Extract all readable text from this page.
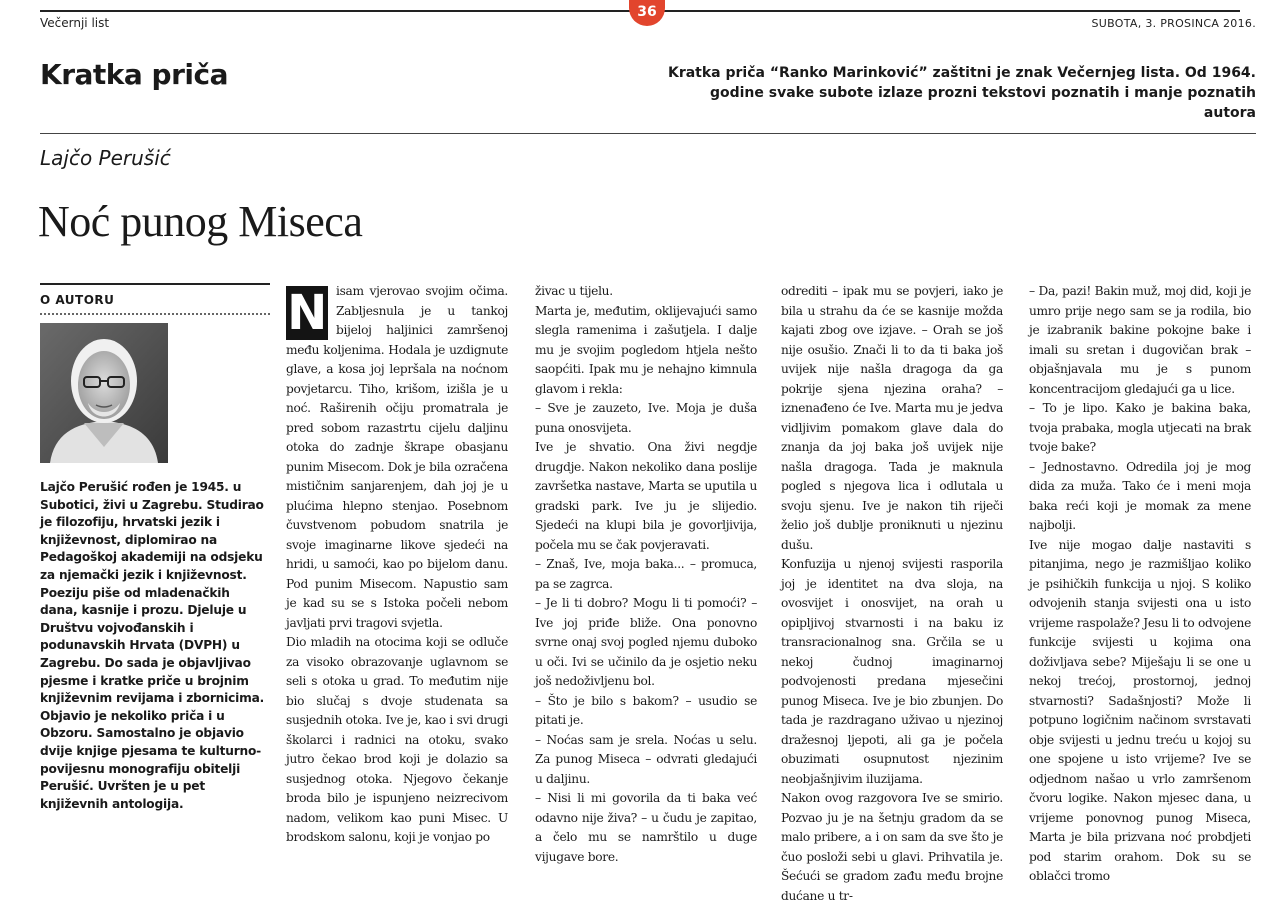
36
Večernji list	SUBOTA, 3. PROSINCA 2016.
Kratka priča	Kratka priča “Ranko Marinković” zaštitni je znak Večernjeg lista. Od 1964. godine svake subote izlaze prozni tekstovi poznatih i manje poznatih autora
Lajčo Perušić
Noć punog Miseca
O AUTORU
Lajčo Perušić rođen je 1945. u Subotici, živi u Zagrebu. Studirao je filozofiju, hrvatski jezik i književnost, diplomirao na Pedagoškoj akademiji na odsjeku za njemački jezik i književnost. Poeziju piše od mladenačkih dana, kasnije i prozu. Djeluje u Društvu vojvođanskih i podunavskih Hrvata (DVPH) u Zagrebu. Do sada je objavljivao pjesme i kratke priče u brojnim književnim revijama i zbornicima. Objavio je nekoliko priča i u Obzoru. Samostalno je objavio dvije knjige pjesama te kulturno-povijesnu monografiju obitelji Perušić. Uvršten je u pet književnih antologija.
N isam vjerovao svojim očima. Zabljesnula je u tankoj bijeloj haljinici zamršenoj među koljenima. Hodala je uzdignute glave, a kosa joj lepršala na noćnom povjetarcu. Tiho, krišom, izišla je u noć. Raširenih očiju promatrala je pred sobom razastrtu cijelu daljinu otoka do zadnje škrape obasjanu punim Misecom. Dok je bila ozračena mističnim sanjarenjem, dah joj je u plućima hlepno stenjao. Posebnom čuvstvenom pobudom snatrila je svoje imaginarne likove sjedeći na hridi, u samoći, kao po bijelom danu. Pod punim Misecom. Napustio sam je kad su se s Istoka počeli nebom javljati prvi tragovi svjetla.

Dio mladih na otocima koji se odluče za visoko obrazovanje uglavnom se seli s otoka u grad. To međutim nije bio slučaj s dvoje studenata sa susjednih otoka. Ive je, kao i svi drugi školarci i radnici na otoku, svako jutro čekao brod koji je dolazio sa susjednog otoka. Njegovo čekanje broda bilo je ispunjeno neizrecivom nadom, velikom kao puni Misec. U brodskom salonu, koji je vonjao po

živac u tijelu.

Marta je, međutim, oklijevajući samo slegla ramenima i zašutjela. I dalje mu je svojim pogledom htjela nešto saopćiti. Ipak mu je nehajno kimnula glavom i rekla:

– Sve je zauzeto, Ive. Moja je duša puna onosvijeta.

Ive je shvatio. Ona živi negdje drugdje. Nakon nekoliko dana poslije završetka nastave, Marta se uputila u gradski park. Ive ju je slijedio. Sjedeći na klupi bila je govorljivija, počela mu se čak povjeravati.

– Znaš, Ive, moja baka... – promuca, pa se zagrca.

– Je li ti dobro? Mogu li ti pomoći? – Ive joj priđe bliže. Ona ponovno svrne onaj svoj pogled njemu duboko u oči. Ivi se učinilo da je osjetio neku još nedoživljenu bol.

– Što je bilo s bakom? – usudio se pitati je.

– Noćas sam je srela. Noćas u selu. Za punog Miseca – odvrati gledajući u daljinu.

– Nisi li mi govorila da ti baka već odavno nije živa? – u čudu je zapitao, a čelo mu se namrštilo u duge vijugave bore.

odrediti – ipak mu se povjeri, iako je bila u strahu da će se kasnije možda kajati zbog ove izjave. – Orah se još nije osušio. Znači li to da ti baka još uvijek nije našla dragoga da ga pokrije sjena njezina oraha? – iznenađeno će Ive. Marta mu je jedva vidljivim pomakom glave dala do znanja da joj baka još uvijek nije našla dragoga. Tada je maknula pogled s njegova lica i odlutala u svoju sjenu. Ive je nakon tih riječi želio još dublje proniknuti u njezinu dušu.

Konfuzija u njenoj svijesti rasporila joj je identitet na dva sloja, na ovosvijet i onosvijet, na orah u opipljivoj stvarnosti i na baku iz transracionalnog sna. Grčila se u nekoj čudnoj imaginarnoj podvojenosti predana mjesečini punog Miseca. Ive je bio zbunjen. Do tada je razdragano uživao u njezinoj dražesnoj ljepoti, ali ga je počela obuzimati osupnutost njezinim neobjašnjivim iluzijama.

Nakon ovog razgovora Ive se smirio. Pozvao ju je na šetnju gradom da se malo pribere, a i on sam da sve što je čuo posloži sebi u glavi. Prihvatila je. Šećući se gradom zađu među brojne dućane u tr-

– Da, pazi! Bakin muž, moj did, koji je umro prije nego sam se ja rodila, bio je izabranik bakine pokojne bake i imali su sretan i dugovičan brak – objašnjavala mu je s punom koncentracijom gledajući ga u lice.

– To je lipo. Kako je bakina baka, tvoja prabaka, mogla utjecati na brak tvoje bake?

– Jednostavno. Odredila joj je mog dida za muža. Tako će i meni moja baka reći koji je momak za mene najbolji.

Ive nije mogao dalje nastaviti s pitanjima, nego je razmišljao koliko je psihičkih funkcija u njoj. S koliko odvojenih stanja svijesti ona u isto vrijeme raspolaže? Jesu li to odvojene funkcije svijesti u kojima ona doživljava sebe? Miješaju li se one u nekoj trećoj, prostornoj, jednoj stvarnosti? Sadašnjosti? Može li potpuno logičnim načinom svrstavati obje svijesti u jednu treću u kojoj su one spojene u isto vrijeme? Ive se odjednom našao u vrlo zamršenom čvoru logike. Nakon mjesec dana, u vrijeme ponovnog punog Miseca, Marta je bila prizvana noć probdjeti pod starim orahom. Dok su se oblačci tromo
